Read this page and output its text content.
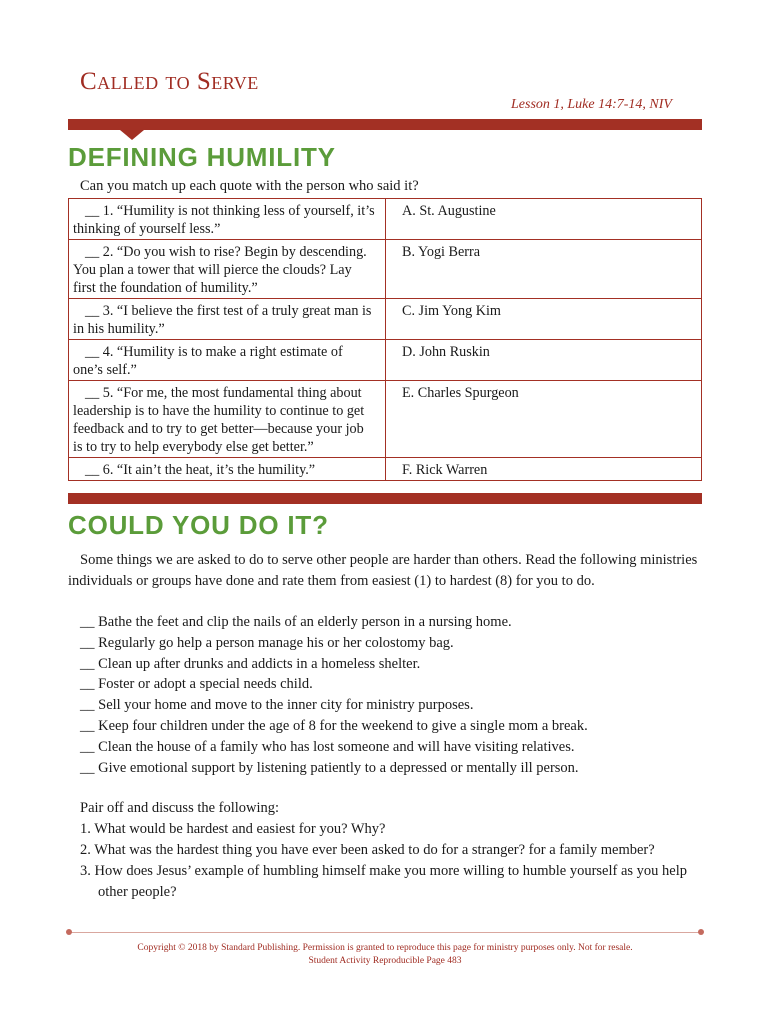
Called to Serve
Lesson 1, Luke 14:7-14, NIV
DEFINING HUMILITY
Can you match up each quote with the person who said it?
__ 1. “Humility is not thinking less of yourself, it’s
thinking of yourself less.”	A. St. Augustine

__ 2. “Do you wish to rise? Begin by descending.
You plan a tower that will pierce the clouds? Lay
first the foundation of humility.”	B. Yogi Berra

__ 3. “I believe the first test of a truly great man is
in his humility.”	C. Jim Yong Kim

__ 4. “Humility is to make a right estimate of
one’s self.”	D. John Ruskin

__ 5. “For me, the most fundamental thing about
leadership is to have the humility to continue to get
feedback and to try to get better—because your job
is to try to help everybody else get better.”	E. Charles Spurgeon

__ 6. “It ain’t the heat, it’s the humility.”	F. Rick Warren
COULD YOU DO IT?
Some things we are asked to do to serve other people are harder than others. Read the following ministries
individuals or groups have done and rate them from easiest (1) to hardest (8) for you to do.
__ Bathe the feet and clip the nails of an elderly person in a nursing home.
__ Regularly go help a person manage his or her colostomy bag.
__ Clean up after drunks and addicts in a homeless shelter.
__ Foster or adopt a special needs child.
__ Sell your home and move to the inner city for ministry purposes.
__ Keep four children under the age of 8 for the weekend to give a single mom a break.
__ Clean the house of a family who has lost someone and will have visiting relatives.
__ Give emotional support by listening patiently to a depressed or mentally ill person.
Pair off and discuss the following:
1. What would be hardest and easiest for you? Why?
2. What was the hardest thing you have ever been asked to do for a stranger? for a family member?
3. How does Jesus’ example of humbling himself make you more willing to humble yourself as you help other people?
Copyright © 2018 by Standard Publishing. Permission is granted to reproduce this page for ministry purposes only. Not for resale.
Student Activity Reproducible Page 483
